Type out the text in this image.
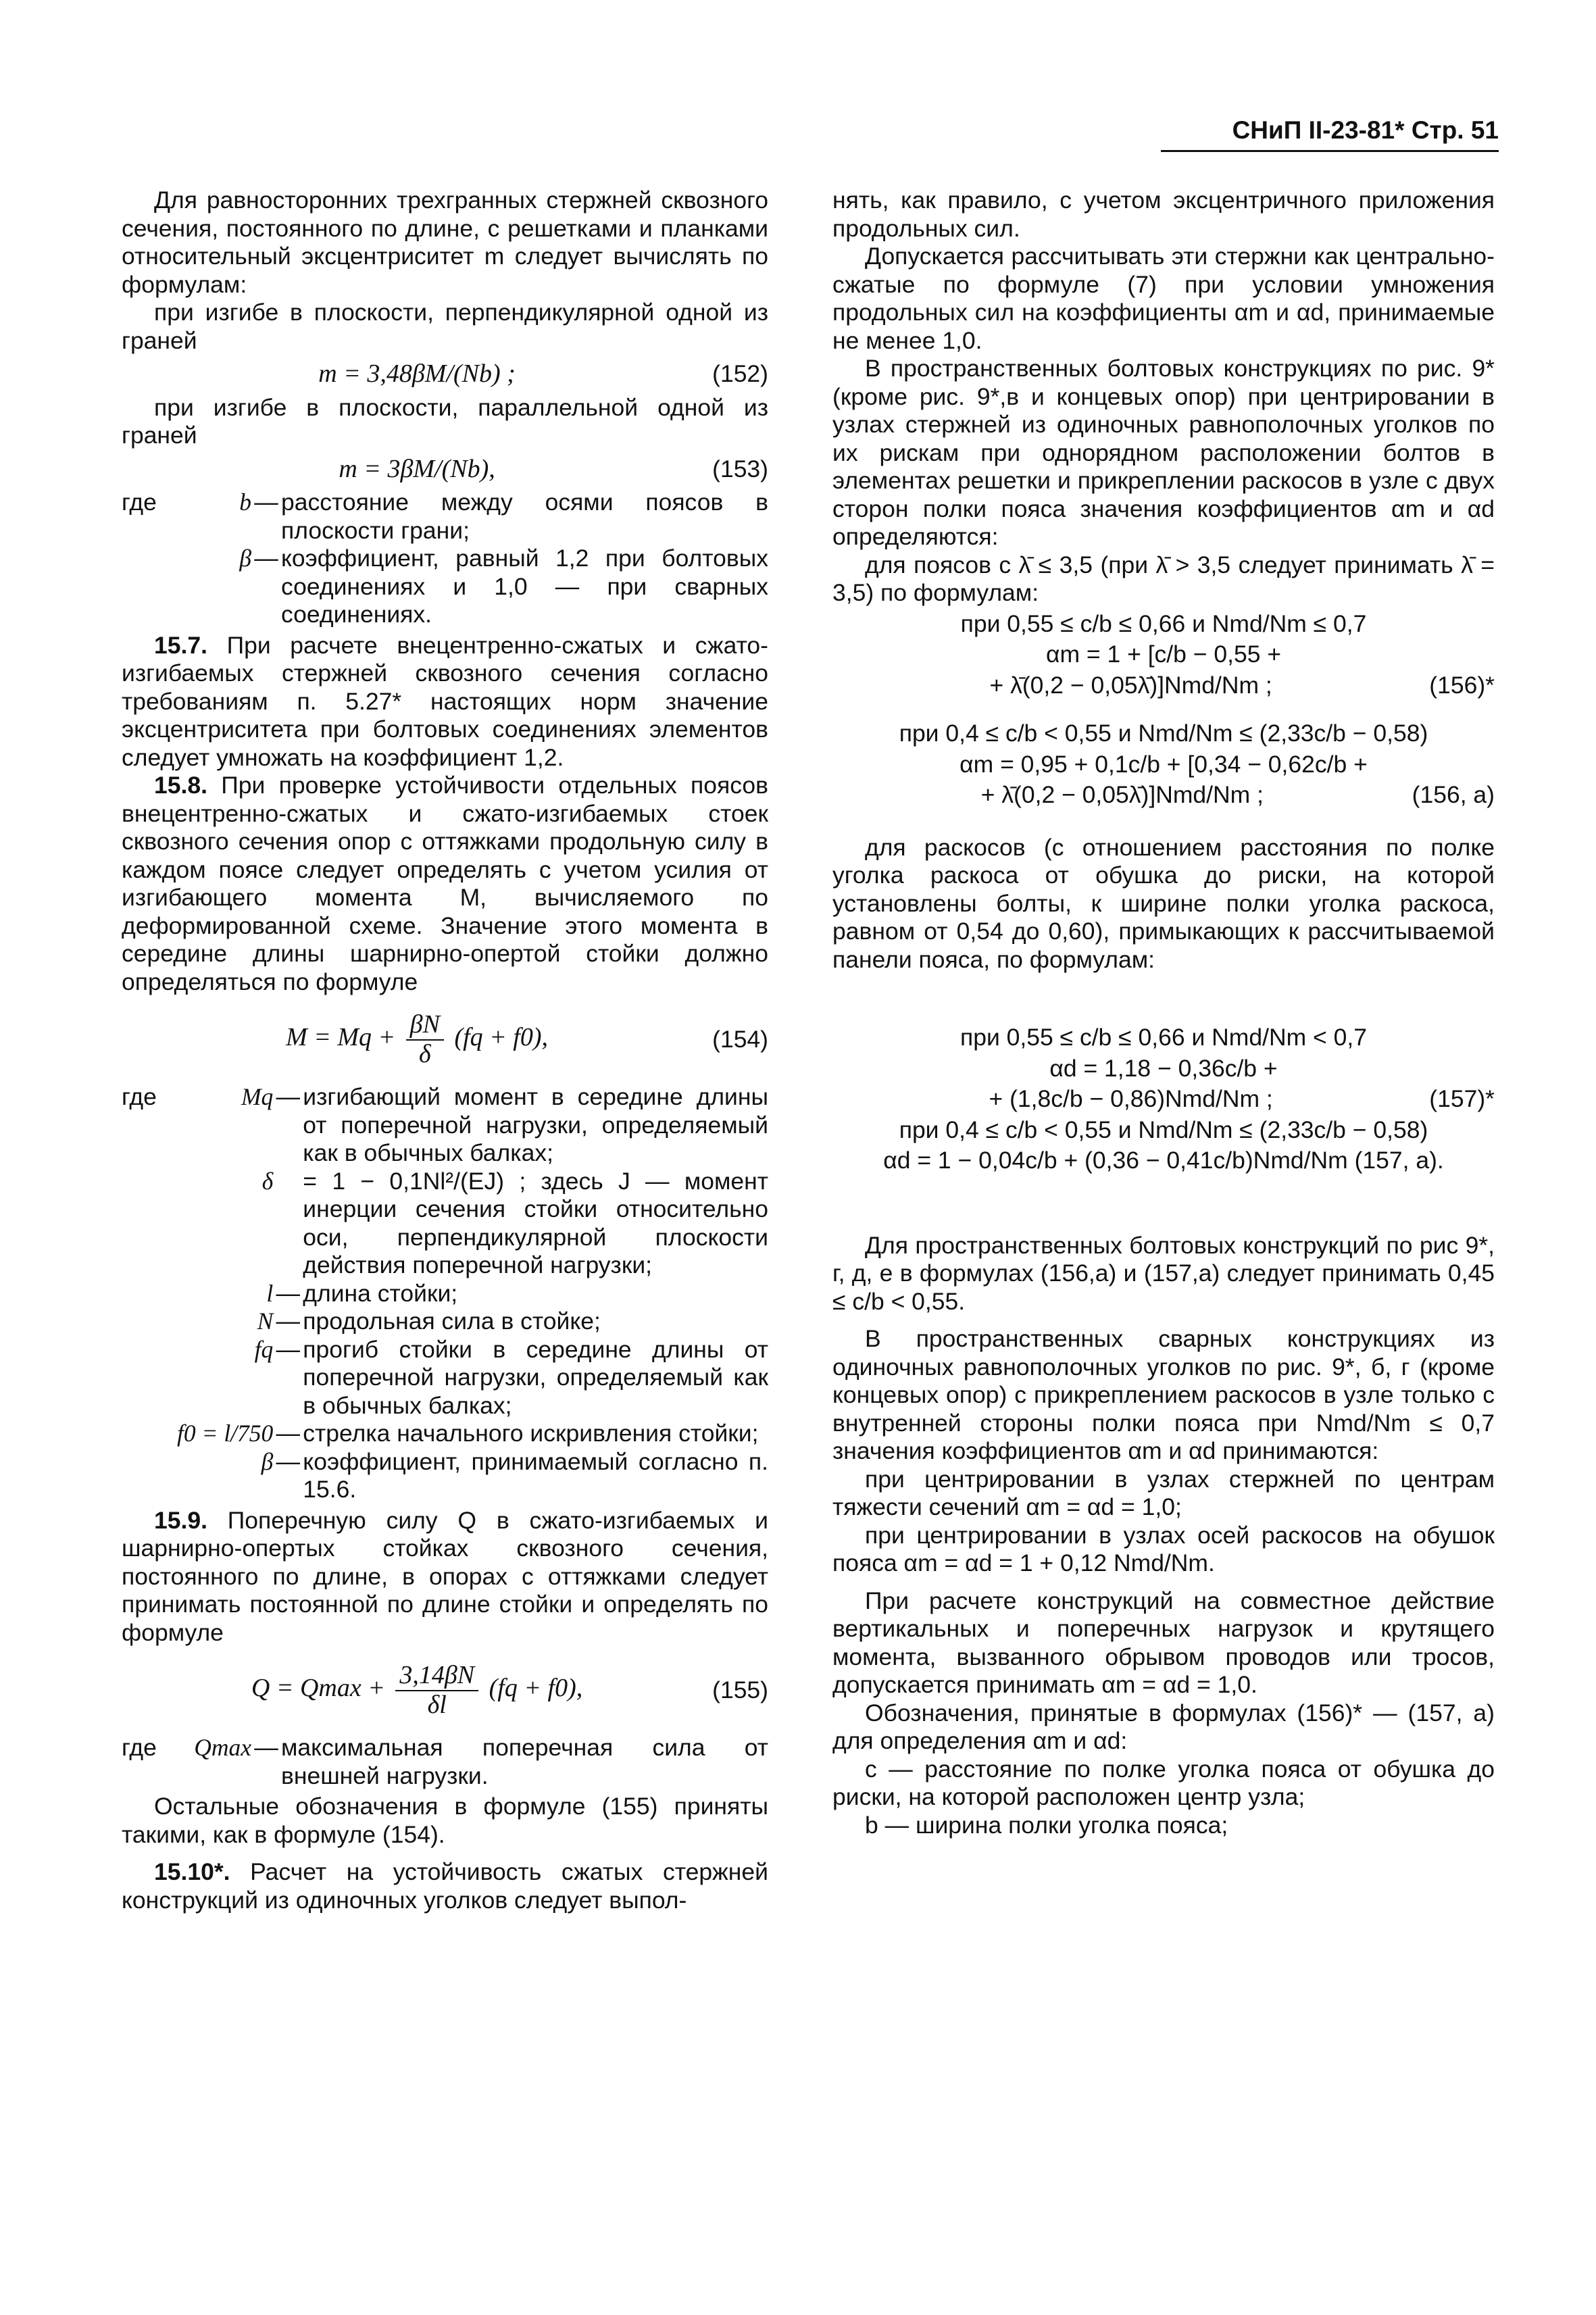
СНиП II-23-81* Стр. 51

Для равносторонних трехгранных стержней сквозного сечения, постоянного по длине, с решетками и планками относительный эксцентриситет m следует вычислять по формулам:

при изгибе в плоскости, перпендикулярной одной из граней

m = 3,48βM/(Nb) ;	(152)

при изгибе в плоскости, параллельной одной из граней

m = 3βM/(Nb),	(153)
где	b	—	расстояние между осями поясов в плоскости грани;
	β	—	коэффициент, равный 1,2 при болтовых соединениях и 1,0 — при сварных соединениях.

15.7. При расчете внецентренно-сжатых и сжато-изгибаемых стержней сквозного сечения согласно требованиям п. 5.27* настоящих норм значение эксцентриситета при болтовых соединениях элементов следует умножать на коэффициент 1,2.

15.8. При проверке устойчивости отдельных поясов внецентренно-сжатых и сжато-изгибаемых стоек сквозного сечения опор с оттяжками продольную силу в каждом поясе следует определять с учетом усилия от изгибающего момента M, вычисляемого по деформированной схеме. Значение этого момента в середине длины шарнирно-опертой стойки должно определяться по формуле

$M = Mq + \frac{\beta N}{\delta} (fq + f0)$,	(154)
где	Mq	—	изгибающий момент в середине длины от поперечной нагрузки, определяемый как в обычных балках;
	δ		= 1 − 0,1Nl²/(EJ) ; здесь J — момент инерции сечения стойки относительно оси, перпендикулярной плоскости действия поперечной нагрузки;
	l	—	длина стойки;
	N	—	продольная сила в стойке;
	fq	—	прогиб стойки в середине длины от поперечной нагрузки, определяемый как в обычных балках;
	f0 = l/750	—	стрелка начального искривления стойки;
	β	—	коэффициент, принимаемый согласно п. 15.6.

15.9. Поперечную силу Q в сжато-изгибаемых и шарнирно-опертых стойках сквозного сечения, постоянного по длине, в опорах с оттяжками следует принимать постоянной по длине стойки и определять по формуле

$Q = Qmax + \frac{3,14\beta N}{\delta l} (fq + f0)$,	(155)
где	Qmax	—	максимальная поперечная сила от внешней нагрузки.

Остальные обозначения в формуле (155) приняты такими, как в формуле (154).

15.10*. Расчет на устойчивость сжатых стержней конструкций из одиночных уголков следует выпол-

нять, как правило, с учетом эксцентричного приложения продольных сил.

Допускается рассчитывать эти стержни как центрально-сжатые по формуле (7) при условии умножения продольных сил на коэффициенты αm и αd, принимаемые не менее 1,0.

В пространственных болтовых конструкциях по рис. 9* (кроме рис. 9*,в и концевых опор) при центрировании в узлах стержней из одиночных равнополочных уголков по их рискам при однорядном расположении болтов в элементах решетки и прикреплении раскосов в узле с двух сторон полки пояса значения коэффициентов αm и αd определяются:

для поясов с λ̄ ≤ 3,5 (при λ̄ > 3,5 следует принимать λ̄ = 3,5) по формулам:

при 0,55 ≤ c/b ≤ 0,66 и Nmd/Nm ≤ 0,7
αm = 1 + [c/b − 0,55 +
+ λ̄(0,2 − 0,05λ̄)]Nmd/Nm ;	(156)*
при 0,4 ≤ c/b < 0,55 и Nmd/Nm ≤ (2,33c/b − 0,58)
αm = 0,95 + 0,1c/b + [0,34 − 0,62c/b +
+ λ̄(0,2 − 0,05λ̄)]Nmd/Nm ;	(156, а)

для раскосов (с отношением расстояния по полке уголка раскоса от обушка до риски, на которой установлены болты, к ширине полки уголка раскоса, равном от 0,54 до 0,60), примыкающих к рассчитываемой панели пояса, по формулам:

при 0,55 ≤ c/b ≤ 0,66 и Nmd/Nm < 0,7
αd = 1,18 − 0,36c/b +
+ (1,8c/b − 0,86)Nmd/Nm ;	(157)*
при 0,4 ≤ c/b < 0,55 и Nmd/Nm ≤ (2,33c/b − 0,58)
αd = 1 − 0,04c/b + (0,36 − 0,41c/b)Nmd/Nm (157, а).

Для пространственных болтовых конструкций по рис 9*, г, д, е в формулах (156,а) и (157,а) следует принимать 0,45 ≤ c/b < 0,55.

В пространственных сварных конструкциях из одиночных равнополочных уголков по рис. 9*, б, г (кроме концевых опор) с прикреплением раскосов в узле только с внутренней стороны полки пояса при Nmd/Nm ≤ 0,7 значения коэффициентов αm и αd принимаются:

при центрировании в узлах стержней по центрам тяжести сечений αm = αd = 1,0;

при центрировании в узлах осей раскосов на обушок пояса αm = αd = 1 + 0,12 Nmd/Nm.

При расчете конструкций на совместное действие вертикальных и поперечных нагрузок и крутящего момента, вызванного обрывом проводов или тросов, допускается принимать αm = αd = 1,0.

Обозначения, принятые в формулах (156)* — (157, а) для определения αm и αd:

c — расстояние по полке уголка пояса от обушка до риски, на которой расположен центр узла;

b — ширина полки уголка пояса;
